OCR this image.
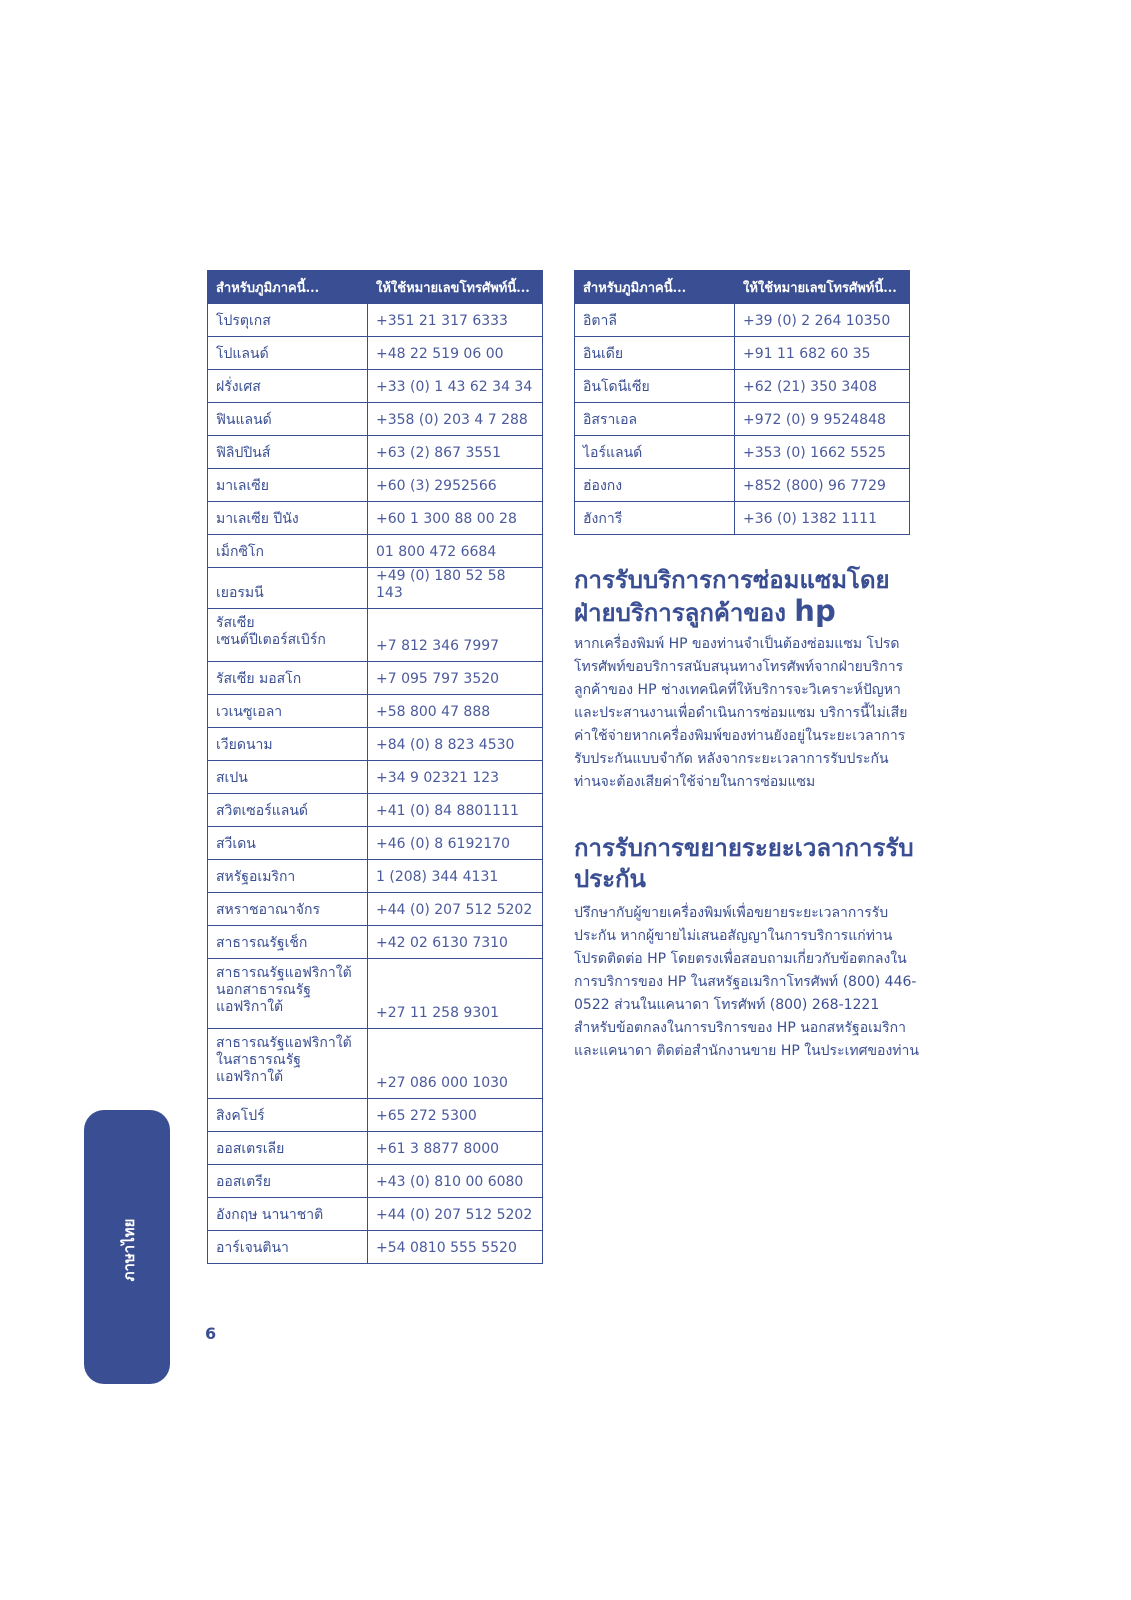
สำหรับภูมิภาคนี้...	ให้ใช้หมายเลขโทรศัพท์นี้...
โปรตุเกส	+351 21 317 6333
โปแลนด์	+48 22 519 06 00
ฝรั่งเศส	+33 (0) 1 43 62 34 34
ฟินแลนด์	+358 (0) 203 4 7 288
ฟิลิปปินส์	+63 (2) 867 3551
มาเลเซีย	+60 (3) 2952566
มาเลเซีย ปีนัง	+60 1 300 88 00 28
เม็กซิโก	01 800 472 6684
เยอรมนี	+49 (0) 180 52 58 143
รัสเซีย
เซนต์ปีเตอร์สเบิร์ก	+7 812 346 7997
รัสเซีย มอสโก	+7 095 797 3520
เวเนซูเอลา	+58 800 47 888
เวียดนาม	+84 (0) 8 823 4530
สเปน	+34 9 02321 123
สวิตเซอร์แลนด์	+41 (0) 84 8801111
สวีเดน	+46 (0) 8 6192170
สหรัฐอเมริกา	1 (208) 344 4131
สหราชอาณาจักร	+44 (0) 207 512 5202
สาธารณรัฐเช็ก	+42 02 6130 7310
สาธารณรัฐแอฟริกาใต้
นอกสาธารณรัฐ
แอฟริกาใต้	+27 11 258 9301
สาธารณรัฐแอฟริกาใต้
ในสาธารณรัฐ
แอฟริกาใต้	+27 086 000 1030
สิงคโปร์	+65 272 5300
ออสเตรเลีย	+61 3 8877 8000
ออสเตรีย	+43 (0) 810 00 6080
อังกฤษ นานาชาติ	+44 (0) 207 512 5202
อาร์เจนตินา	+54 0810 555 5520
สำหรับภูมิภาคนี้...	ให้ใช้หมายเลขโทรศัพท์นี้...
อิตาลี	+39 (0) 2 264 10350
อินเดีย	+91 11 682 60 35
อินโดนีเซีย	+62 (21) 350 3408
อิสราเอล	+972 (0) 9 9524848
ไอร์แลนด์	+353 (0) 1662 5525
ฮ่องกง	+852 (800) 96 7729
ฮังการี	+36 (0) 1382 1111
การรับบริการการซ่อมแซมโดย
ฝ่ายบริการลูกค้าของ hp

หากเครื่องพิมพ์ HP ของท่านจำเป็นต้องซ่อมแซม โปรดโทรศัพท์ขอบริการสนับสนุนทางโทรศัพท์จากฝ่ายบริการลูกค้าของ HP ช่างเทคนิคที่ให้บริการจะวิเคราะห์ปัญหาและประสานงานเพื่อดำเนินการซ่อมแซม บริการนี้ไม่เสียค่าใช้จ่ายหากเครื่องพิมพ์ของท่านยังอยู่ในระยะเวลาการรับประกันแบบจำกัด หลังจากระยะเวลาการรับประกัน ท่านจะต้องเสียค่าใช้จ่ายในการซ่อมแซม

การรับการขยายระยะเวลาการรับประกัน

ปรึกษากับผู้ขายเครื่องพิมพ์เพื่อขยายระยะเวลาการรับประกัน หากผู้ขายไม่เสนอสัญญาในการบริการแก่ท่าน โปรดติดต่อ HP โดยตรงเพื่อสอบถามเกี่ยวกับข้อตกลงในการบริการของ HP ในสหรัฐอเมริกาโทรศัพท์ (800) 446-0522 ส่วนในแคนาดา โทรศัพท์ (800) 268-1221 สำหรับข้อตกลงในการบริการของ HP นอกสหรัฐอเมริกาและแคนาดา ติดต่อสำนักงานขาย HP ในประเทศของท่าน

ภาษาไทย
6
